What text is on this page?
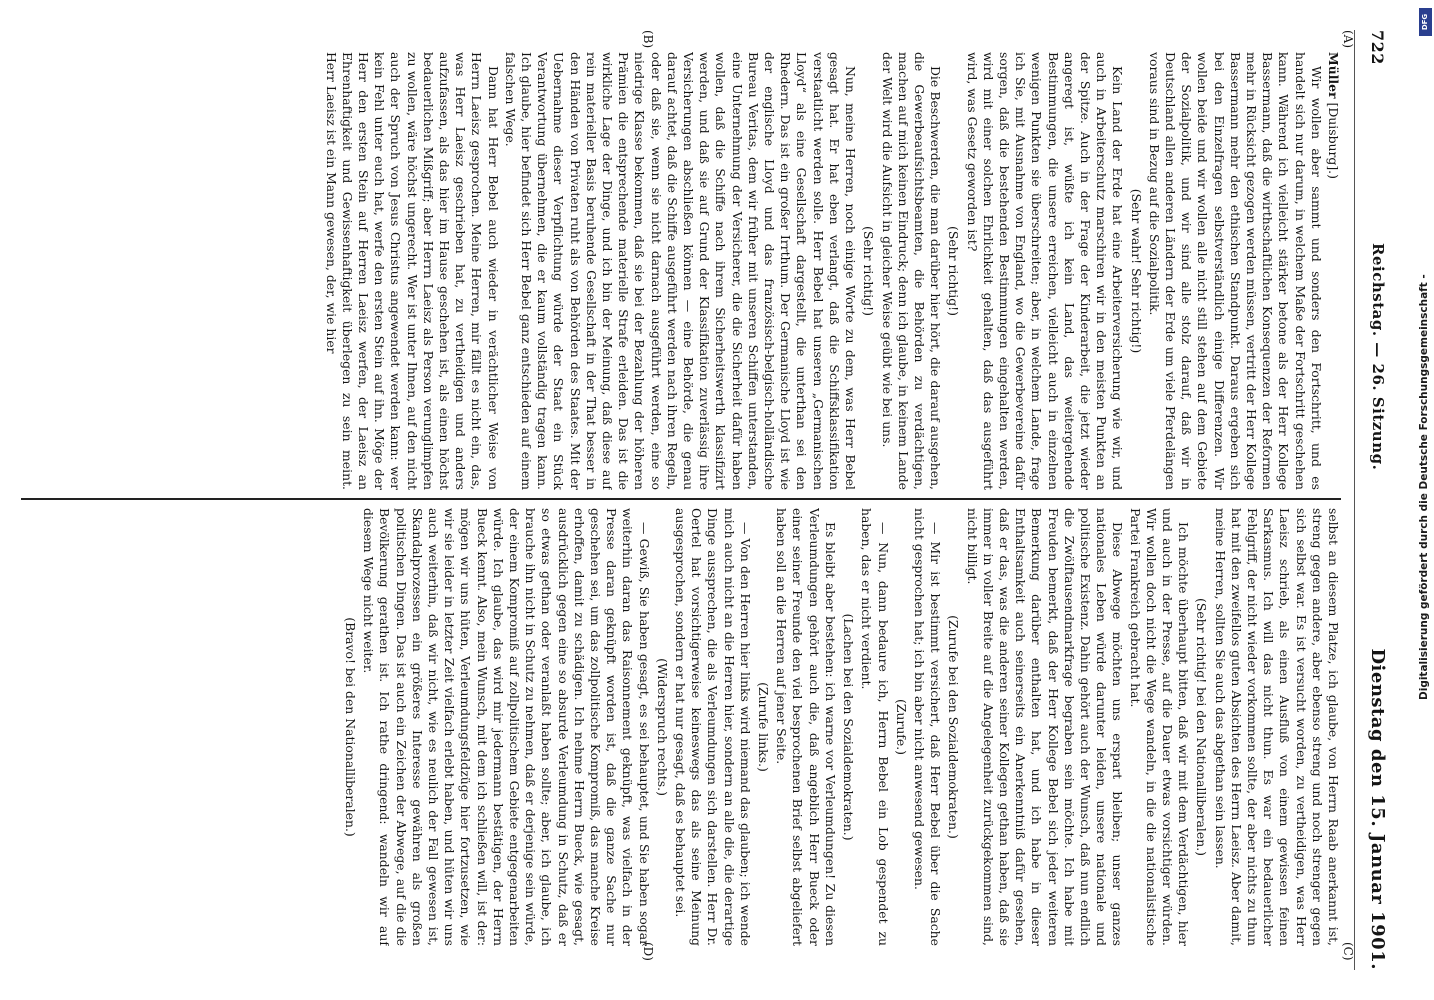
722
Reichstag. — 26. Sitzung.
Dienstag den 15. Januar 1901.

Müller [Duisburg].)

Wir wollen aber sammt und sonders den Fortschritt, und es handelt sich nur darum, in welchem Maße der Fortschritt geschehen kann. Während ich vielleicht stärker betone als der Herr Kollege Bassermann, daß die wirthschaftlichen Konsequenzen der Reformen mehr in Rücksicht gezogen werden müssen, vertritt der Herr Kollege Bassermann mehr den ethischen Standpunkt. Daraus ergeben sich bei den Einzelfragen selbstverständlich einige Differenzen. Wir wollen beide und wir wollen alle nicht still stehen auf dem Gebiete der Sozialpolitik, und wir sind alle stolz darauf, daß wir in Deutschland allen anderen Ländern der Erde um viele Pferdelängen voraus sind in Bezug auf die Sozialpolitik.

(Sehr wahr! Sehr richtig!)

Kein Land der Erde hat eine Arbeiterversicherung wie wir, und auch in Arbeiterschutz marschiren wir in den meisten Punkten an der Spitze. Auch in der Frage der Kinderarbeit, die jetzt wieder angeregt ist, wüßte ich kein Land, das weitergehende Bestimmungen, die unsere erreichen, vielleicht auch in einzelnen wenigen Punkten sie überschreiten; aber, in welchem Lande, frage ich Sie, mit Ausnahme von England, wo die Gewerbevereine dafür sorgen, daß die bestehenden Bestimmungen eingehalten werden, wird mit einer solchen Ehrlichkeit gehalten, daß das ausgeführt wird, was Gesetz geworden ist?

(Sehr richtig!)

Die Beschwerden, die man darüber hier hört, die darauf ausgehen, die Gewerbeaufsichtsbeamten, die Behörden zu verdächtigen, machen auf mich keinen Eindruck; denn ich glaube, in keinem Lande der Welt wird die Aufsicht in gleicher Weise geübt wie bei uns.

(Sehr richtig!)

Nun, meine Herren, noch einige Worte zu dem, was Herr Bebel gesagt hat. Er hat eben verlangt, daß die Schiffsklassifikation verstaatlicht werden solle. Herr Bebel hat unseren „Germanischen Lloyd“ als eine Gesellschaft dargestellt, die unterthan sei den Rhedern. Das ist ein großer Irrthum. Der Germanische Lloyd ist wie der englische Lloyd und das französisch-belgisch-holländische Bureau Veritas, dem wir früher mit unseren Schiffen unterstanden, eine Unternehmung der Versicherer, die die Sicherheit dafür haben wollen, daß die Schiffe nach ihrem Sicherheitswerth klassifizirt werden, und daß sie auf Grund der Klassifikation zuverlässig ihre Versicherungen abschließen können — eine Behörde, die genau darauf achtet, daß die Schiffe ausgeführt werden nach ihren Regeln, oder daß sie, wenn sie nicht darnach ausgeführt werden, eine so niedrige Klasse bekommen, daß sie bei der Bezahlung der höheren Prämien die entsprechende materielle Strafe erleiden. Das ist die wirkliche Lage der Dinge, und ich bin der Meinung, daß diese auf rein materieller Basis beruhende Gesellschaft in der That besser in den Händen von Privaten ruht als von Behörden des Staates. Mit der Uebernahme dieser Verpflichtung würde der Staat ein Stück Verantwortung übernehmen, die er kaum vollständig tragen kann. Ich glaube, hier befindet sich Herr Bebel ganz entschieden auf einem falschen Wege.

Dann hat Herr Bebel auch wieder in verächtlicher Weise von Herrn Laeisz gesprochen. Meine Herren, mir fällt es nicht ein, das, was Herr Laeisz geschrieben hat, zu vertheidigen und anders aufzufassen, als das hier im Hause geschehen ist, als einen höchst bedauerlichen Mißgriff; aber Herrn Laeisz als Person verunglimpfen zu wollen, wäre höchst ungerecht. Wer ist unter Ihnen, auf den nicht auch der Spruch von Jesus Christus angewendet werden kann: wer kein Fehl unter euch hat, werfe den ersten Stein auf ihn. Möge der Herr den ersten Stein auf Herren Laeisz werfen, der Laeisz an Ehrenhaftigkeit und Gewissenhaftigkeit überlegen zu sein meint. Herr Laeisz ist ein Mann gewesen, der, wie hier

selbst an diesem Platze, ich glaube, von Herrn Raab anerkannt ist, streng gegen andere, aber ebenso streng und noch strenger gegen sich selbst war. Es ist versucht worden, zu vertheidigen, was Herr Laeisz schrieb, als einen Ausfluß von einem gewissen feinen Sarkasmus. Ich will das nicht thun. Es war ein bedauerlicher Fehlgriff, der nicht wieder vorkommen sollte, der aber nichts zu thun hat mit den zweifellos guten Absichten des Herrn Laeisz. Aber damit, meine Herren, sollten Sie auch das abgethan sein lassen.

(Sehr richtig! bei den Nationalliberalen.)

Ich möchte überhaupt bitten, daß wir mit dem Verdächtigen, hier und auch in der Presse, auf die Dauer etwas vorsichtiger würden. Wir wollen doch nicht die Wege wandeln, in die die nationalistische Partei Frankreich gebracht hat.

Diese Abwege möchten uns erspart bleiben; unser ganzes nationales Leben würde darunter leiden, unsere nationale und politische Existenz. Dahin gehört auch der Wunsch, daß nun endlich die Zwölftausendmarkfrage begraben sein möchte. Ich habe mit Freuden bemerkt, daß der Herr Kollege Bebel sich jeder weiteren Bemerkung darüber enthalten hat, und ich habe in dieser Enthaltsamkeit auch seinerseits ein Anerkenntniß dafür gesehen, daß er das, was die anderen seiner Kollegen gethan haben, daß sie immer in voller Breite auf die Angelegenheit zurückgekommen sind, nicht billigt.

(Zurufe bei den Sozialdemokraten.)

— Mir ist bestimmt versichert, daß Herr Bebel über die Sache nicht gesprochen hat; ich bin aber nicht anwesend gewesen.

(Zurufe.)

— Nun, dann bedaure ich, Herrn Bebel ein Lob gespendet zu haben, das er nicht verdient.

(Lachen bei den Sozialdemokraten.)

Es bleibt aber bestehen: ich warne vor Verleumdungen! Zu diesen Verleumdungen gehört auch die, daß angeblich Herr Bueck oder einer seiner Freunde den viel besprochenen Brief selbst abgeliefert haben soll an die Herren auf jener Seite.

(Zurufe links.)

— Von den Herren hier links wird niemand das glauben; ich wende mich auch nicht an die Herren hier, sondern an alle die, die derartige Dinge aussprechen, die als Verleumdungen sich darstellen. Herr Dr. Oertel hat vorsichtigerweise keineswegs das als seine Meinung ausgesprochen, sondern er hat nur gesagt, daß es behauptet sei.

(Widerspruch rechts.)

— Gewiß, Sie haben gesagt, es sei behauptet, und Sie haben sogar weiterhin daran das Raisonnement geknüpft, was vielfach in der Presse daran geknüpft worden ist, daß die ganze Sache nur geschehen sei, um das zollpolitische Kompromiß, das manche Kreise erhoffen, damit zu schädigen. Ich nehme Herrn Bueck, wie gesagt, ausdrücklich gegen eine so absurde Verleumdung in Schutz, daß er so etwas gethan oder veranlaßt haben sollte; aber, ich glaube, ich brauche ihn nicht in Schutz zu nehmen, daß er derjenige sein würde, der einem Kompromiß auf zollpolitischem Gebiete entgegenarbeiten würde. Ich glaube, das wird mir jedermann bestätigen, der Herrn Bueck kennt. Also, mein Wunsch, mit dem ich schließen will, ist der: mögen wir uns hüten, Verleumdungsfeldzüge hier fortzusetzen, wie wir sie leider in letzter Zeit vielfach erlebt haben, und hüten wir uns auch weiterhin, daß wir nicht, wie es neulich der Fall gewesen ist, Skandalprozessen ein größeres Interesse gewähren als großen politischen Dingen. Das ist auch ein Zeichen der Abwege, auf die die Bevölkerung gerathen ist. Ich rathe dringend: wandeln wir auf diesem Wege nicht weiter.

(Bravo! bei den Nationalliberalen.)

(A)
(B)
(C)
(D)
DFG
Digitalisierung gefördert durch die Deutsche Forschungsgemeinschaft -
